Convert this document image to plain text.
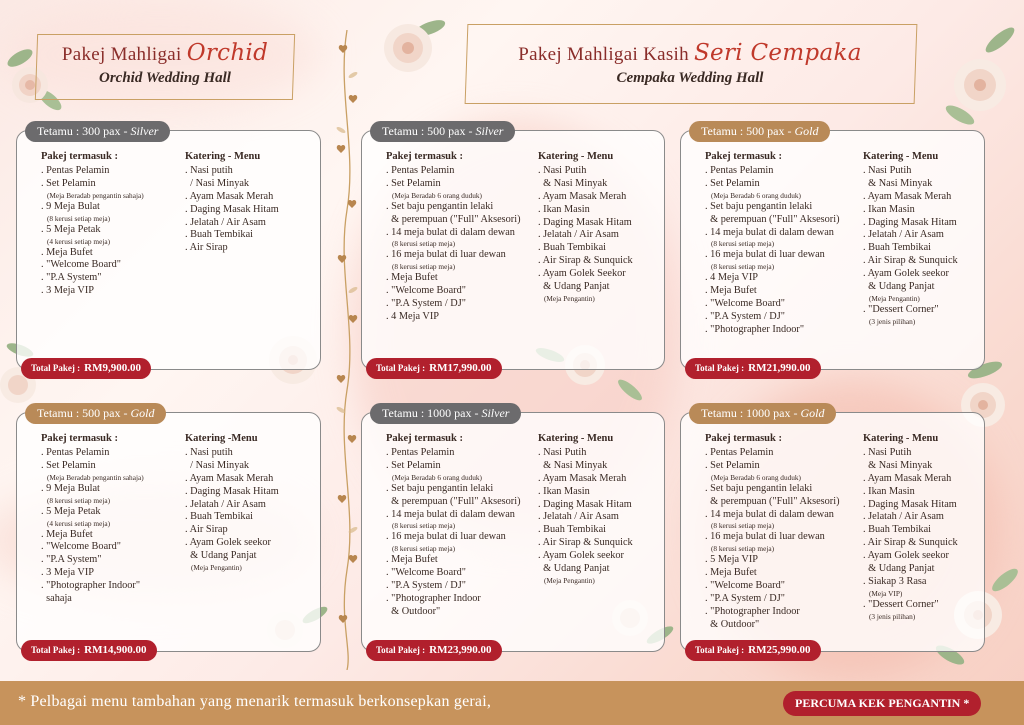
Pakej Mahligai Orchid
Orchid Wedding Hall
Pakej Mahligai Kasih Seri Cempaka
Cempaka Wedding Hall
Tetamu : 300 pax - Silver
Pakej termasuk :
. Pentas Pelamin
. Set Pelamin
(Meja Beradab pengantin sahaja)
. 9 Meja Bulat
(8 kerusi setiap meja)
. 5 Meja Petak
(4 kerusi setiap meja)
. Meja Bufet
. "Welcome Board"
. "P.A System"
. 3 Meja VIP
Katering - Menu
. Nasi putih
/ Nasi Minyak
. Ayam Masak Merah
. Daging Masak Hitam
. Jelatah / Air Asam
. Buah Tembikai
. Air Sirap
Total Pakej : RM9,900.00
Tetamu : 500 pax - Silver
Pakej termasuk :
. Pentas Pelamin
. Set Pelamin
(Meja Beradab 6 orang duduk)
. Set baju pengantin lelaki
& perempuan ("Full" Aksesori)
. 14 meja bulat di dalam dewan
(8 kerusi setiap meja)
. 16 meja bulat di luar dewan
(8 kerusi setiap meja)
. Meja Bufet
. "Welcome Board"
. "P.A System / DJ"
. 4 Meja VIP
Katering - Menu
. Nasi Putih
& Nasi Minyak
. Ayam Masak Merah
. Ikan Masin
. Daging Masak Hitam
. Jelatah / Air Asam
. Buah Tembikai
. Air Sirap & Sunquick
. Ayam Golek Seekor
& Udang Panjat
(Meja Pengantin)
Total Pakej : RM17,990.00
Tetamu : 500 pax - Gold
Pakej termasuk :
. Pentas Pelamin
. Set Pelamin
(Meja Beradab 6 orang duduk)
. Set baju pengantin lelaki
& perempuan ("Full" Aksesori)
. 14 meja bulat di dalam dewan
(8 kerusi setiap meja)
. 16 meja bulat di luar dewan
(8 kerusi setiap meja)
. 4 Meja VIP
. Meja Bufet
. "Welcome Board"
. "P.A System / DJ"
. "Photographer Indoor"
Katering - Menu
. Nasi Putih
& Nasi Minyak
. Ayam Masak Merah
. Ikan Masin
. Daging Masak Hitam
. Jelatah / Air Asam
. Buah Tembikai
. Air Sirap & Sunquick
. Ayam Golek seekor
& Udang Panjat
(Meja Pengantin)
. "Dessert Corner"
(3 jenis pilihan)
Total Pakej : RM21,990.00
Tetamu : 500 pax - Gold
Pakej termasuk :
. Pentas Pelamin
. Set Pelamin
(Meja Beradab pengantin sahaja)
. 9 Meja Bulat
(8 kerusi setiap meja)
. 5 Meja Petak
(4 kerusi setiap meja)
. Meja Bufet
. "Welcome Board"
. "P.A System"
. 3 Meja VIP
. "Photographer Indoor"
sahaja
Katering -Menu
. Nasi putih
/ Nasi Minyak
. Ayam Masak Merah
. Daging Masak Hitam
. Jelatah / Air Asam
. Buah Tembikai
. Air Sirap
. Ayam Golek seekor
& Udang Panjat
(Meja Pengantin)
Total Pakej : RM14,900.00
Tetamu : 1000 pax - Silver
Pakej termasuk :
. Pentas Pelamin
. Set Pelamin
(Meja Beradab 6 orang duduk)
. Set baju pengantin lelaki
& perempuan ("Full" Aksesori)
. 14 meja bulat di dalam dewan
(8 kerusi setiap meja)
. 16 meja bulat di luar dewan
(8 kerusi setiap meja)
. Meja Bufet
. "Welcome Board"
. "P.A System / DJ"
. "Photographer Indoor
& Outdoor"
Katering - Menu
. Nasi Putih
& Nasi Minyak
. Ayam Masak Merah
. Ikan Masin
. Daging Masak Hitam
. Jelatah / Air Asam
. Buah Tembikai
. Air Sirap & Sunquick
. Ayam Golek seekor
& Udang Panjat
(Meja Pengantin)
Total Pakej : RM23,990.00
Tetamu : 1000 pax - Gold
Pakej termasuk :
. Pentas Pelamin
. Set Pelamin
(Meja Beradab 6 orang duduk)
. Set baju pengantin lelaki
& perempuan ("Full" Aksesori)
. 14 meja bulat di dalam dewan
(8 kerusi setiap meja)
. 16 meja bulat di luar dewan
(8 kerusi setiap meja)
. 5 Meja VIP
. Meja Bufet
. "Welcome Board"
. "P.A System / DJ"
. "Photographer Indoor
& Outdoor"
Katering - Menu
. Nasi Putih
& Nasi Minyak
. Ayam Masak Merah
. Ikan Masin
. Daging Masak Hitam
. Jelatah / Air Asam
. Buah Tembikai
. Air Sirap & Sunquick
. Ayam Golek seekor
& Udang Panjat
. Siakap 3 Rasa
(Meja VIP)
. "Dessert Corner"
(3 jenis pilihan)
Total Pakej : RM25,990.00
* Pelbagai menu tambahan yang menarik termasuk berkonsepkan gerai,	PERCUMA KEK PENGANTIN *
